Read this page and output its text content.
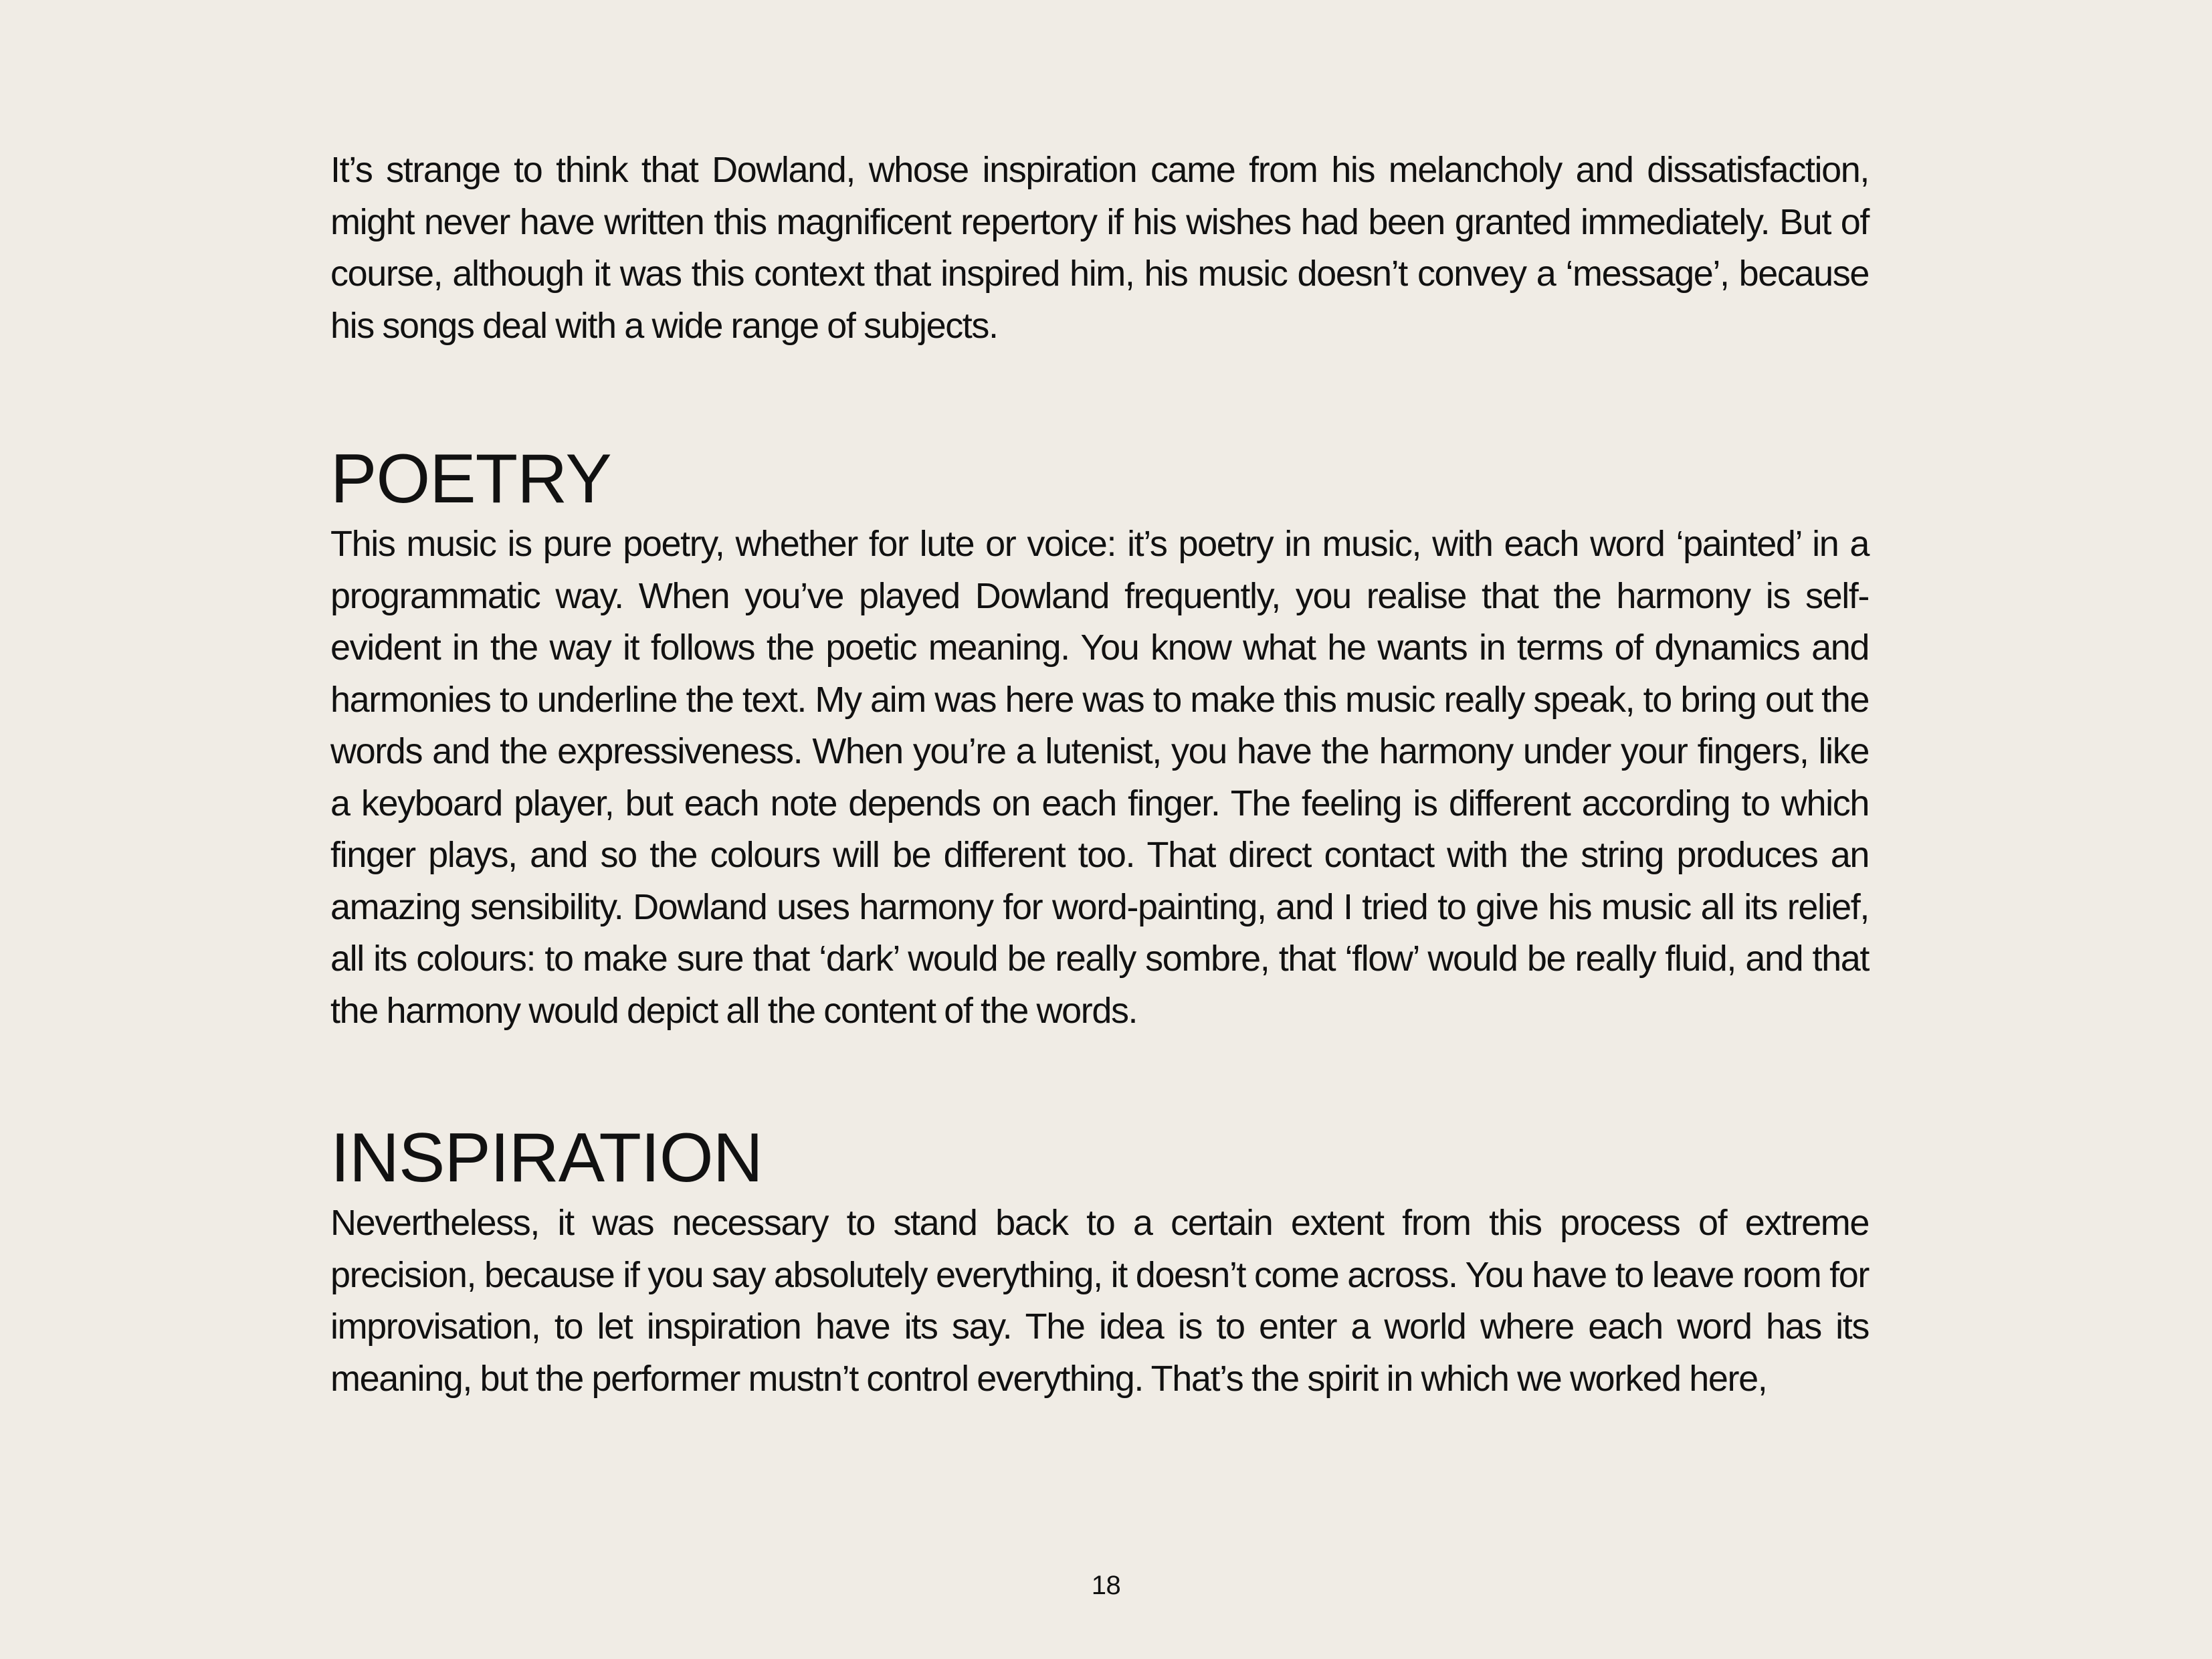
It’s strange to think that Dowland, whose inspiration came from his melancholy and dissatisfaction, might never have written this magnificent repertory if his wishes had been granted immediately. But of course, although it was this context that inspired him, his music doesn’t convey a ‘message’, because his songs deal with a wide range of subjects.

POETRY

This music is pure poetry, whether for lute or voice: it’s poetry in music, with each word ‘painted’ in a programmatic way. When you’ve played Dowland frequently, you realise that the harmony is self-evident in the way it follows the poetic meaning. You know what he wants in terms of dynamics and harmonies to underline the text. My aim was here was to make this music really speak, to bring out the words and the expressiveness. When you’re a lutenist, you have the harmony under your fingers, like a keyboard player, but each note depends on each finger. The feeling is different according to which finger plays, and so the colours will be different too. That direct contact with the string produces an amazing sensibility. Dowland uses harmony for word-painting, and I tried to give his music all its relief, all its colours: to make sure that ‘dark’ would be really sombre, that ‘flow’ would be really fluid, and that the harmony would depict all the content of the words.

INSPIRATION

Nevertheless, it was necessary to stand back to a certain extent from this process of extreme precision, because if you say absolutely everything, it doesn’t come across. You have to leave room for improvisation, to let inspiration have its say. The idea is to enter a world where each word has its meaning, but the performer mustn’t control everything. That’s the spirit in which we worked here,

18
